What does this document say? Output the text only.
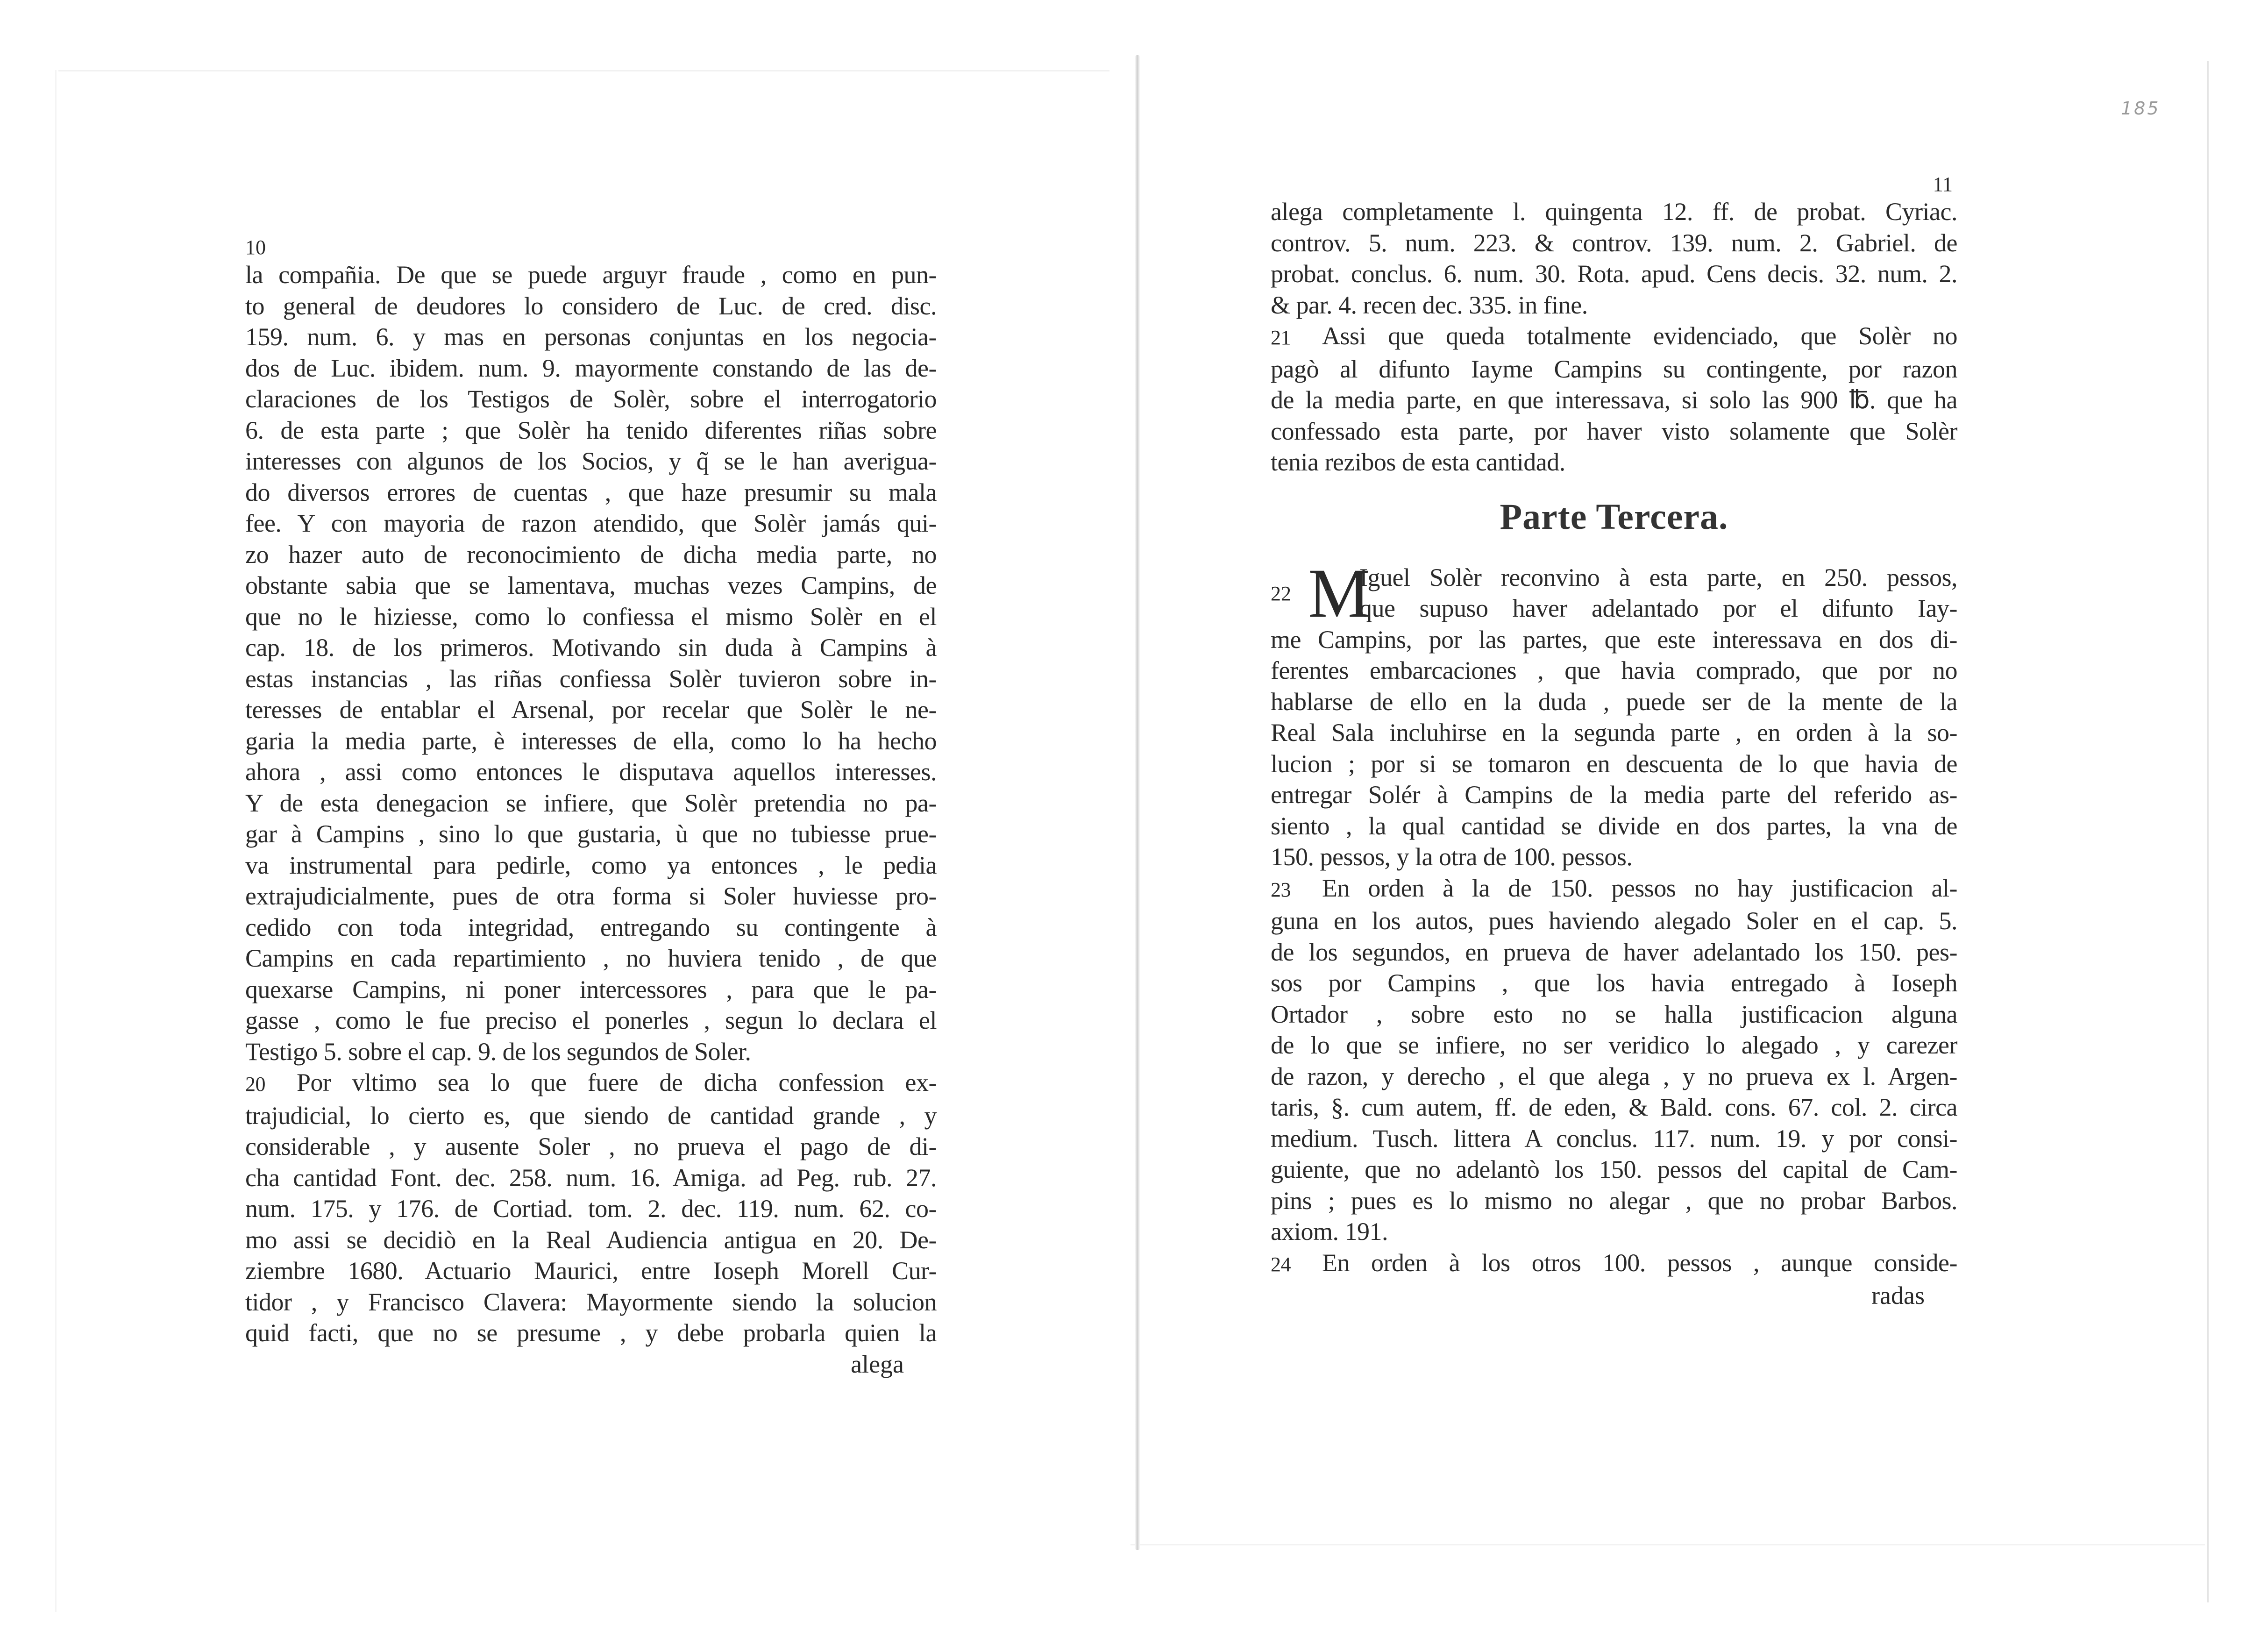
185
10
la compañia. De que se puede arguyr fraude , como en pun-
to general de deudores lo considero de Luc. de cred. disc.
159. num. 6. y mas en personas conjuntas en los negocia-
dos de Luc. ibidem. num. 9. mayormente constando de las de-
claraciones de los Testigos de Solèr, sobre el interrogatorio
6. de esta parte ; que Solèr ha tenido diferentes riñas sobre
interesses con algunos de los Socios, y q̃ se le han averigua-
do diversos errores de cuentas , que haze presumir su mala
fee. Y con mayoria de razon atendido, que Solèr jamás qui-
zo hazer auto de reconocimiento de dicha media parte, no
obstante sabia que se lamentava, muchas vezes Campins, de
que no le hiziesse, como lo confiessa el mismo Solèr en el
cap. 18. de los primeros. Motivando sin duda à Campins à
estas instancias , las riñas confiessa Solèr tuvieron sobre in-
teresses de entablar el Arsenal, por recelar que Solèr le ne-
garia la media parte, è interesses de ella, como lo ha hecho
ahora , assi como entonces le disputava aquellos interesses.
Y de esta denegacion se infiere, que Solèr pretendia no pa-
gar à Campins , sino lo que gustaria, ù que no tubiesse prue-
va instrumental para pedirle, como ya entonces , le pedia
extrajudicialmente, pues de otra forma si Soler huviesse pro-
cedido con toda integridad, entregando su contingente à
Campins en cada repartimiento , no huviera tenido , de que
quexarse Campins, ni poner intercessores , para que le pa-
gasse , como le fue preciso el ponerles , segun lo declara el
Testigo 5. sobre el cap. 9. de los segundos de Soler.
20 Por vltimo sea lo que fuere de dicha confession ex-
trajudicial, lo cierto es, que siendo de cantidad grande , y
considerable , y ausente Soler , no prueva el pago de di-
cha cantidad Font. dec. 258. num. 16. Amiga. ad Peg. rub. 27.
num. 175. y 176. de Cortiad. tom. 2. dec. 119. num. 62. co-
mo assi se decidiò en la Real Audiencia antigua en 20. De-
ziembre 1680. Actuario Maurici, entre Ioseph Morell Cur-
tidor , y Francisco Clavera: Mayormente siendo la solucion
quid facti, que no se presume , y debe probarla quien la
alega
11
alega completamente l. quingenta 12. ff. de probat. Cyriac.
controv. 5. num. 223. & controv. 139. num. 2. Gabriel. de
probat. conclus. 6. num. 30. Rota. apud. Cens decis. 32. num. 2.
& par. 4. recen dec. 335. in fine.
21 Assi que queda totalmente evidenciado, que Solèr no
pagò al difunto Iayme Campins su contingente, por razon
de la media parte, en que interessava, si solo las 900 ℔. que ha
confessado esta parte, por haver visto solamente que Solèr
tenia rezibos de esta cantidad.
Parte Tercera.
22 M
Iguel Solèr reconvino à esta parte, en 250. pessos,
que supuso haver adelantado por el difunto Iay-
me Campins, por las partes, que este interessava en dos di-
ferentes embarcaciones , que havia comprado, que por no
hablarse de ello en la duda , puede ser de la mente de la
Real Sala incluhirse en la segunda parte , en orden à la so-
lucion ; por si se tomaron en descuenta de lo que havia de
entregar Solér à Campins de la media parte del referido as-
siento , la qual cantidad se divide en dos partes, la vna de
150. pessos, y la otra de 100. pessos.
23 En orden à la de 150. pessos no hay justificacion al-
guna en los autos, pues haviendo alegado Soler en el cap. 5.
de los segundos, en prueva de haver adelantado los 150. pes-
sos por Campins , que los havia entregado à Ioseph
Ortador , sobre esto no se halla justificacion alguna
de lo que se infiere, no ser veridico lo alegado , y carezer
de razon, y derecho , el que alega , y no prueva ex l. Argen-
taris, §. cum autem, ff. de eden, & Bald. cons. 67. col. 2. circa
medium. Tusch. littera A conclus. 117. num. 19. y por consi-
guiente, que no adelantò los 150. pessos del capital de Cam-
pins ; pues es lo mismo no alegar , que no probar Barbos.
axiom. 191.
24 En orden à los otros 100. pessos , aunque conside-
radas
